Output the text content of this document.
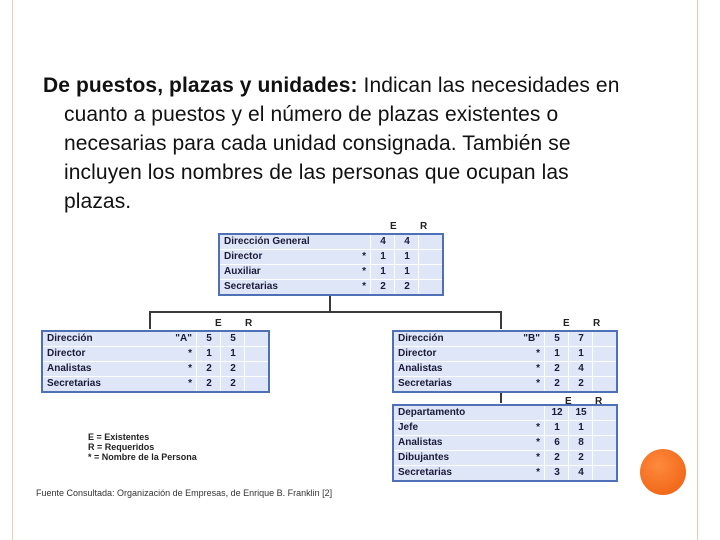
De puestos, plazas y unidades: Indican las necesidades en cuanto a puestos y el número de plazas existentes o necesarias para cada unidad consignada. También se incluyen los nombres de las personas que ocupan las plazas.
Dirección General	4	4
Director	*	1	1
Auxiliar	*	1	1
Secretarias	*	2	2
Dirección	"A"	5	5
Director	*	1	1
Analistas	*	2	2
Secretarias	*	2	2
Dirección	"B"	5	7
Director	*	1	1
Analistas	*	2	4
Secretarias	*	2	2
Departamento	12	15
Jefe	*	1	1
Analistas	*	6	8
Dibujantes	*	2	2
Secretarias	*	3	4
E R
E R	E R
E R
E = Existentes
R = Requeridos
* = Nombre de la Persona
Fuente Consultada: Organización de Empresas, de Enrique B. Franklin [2]
